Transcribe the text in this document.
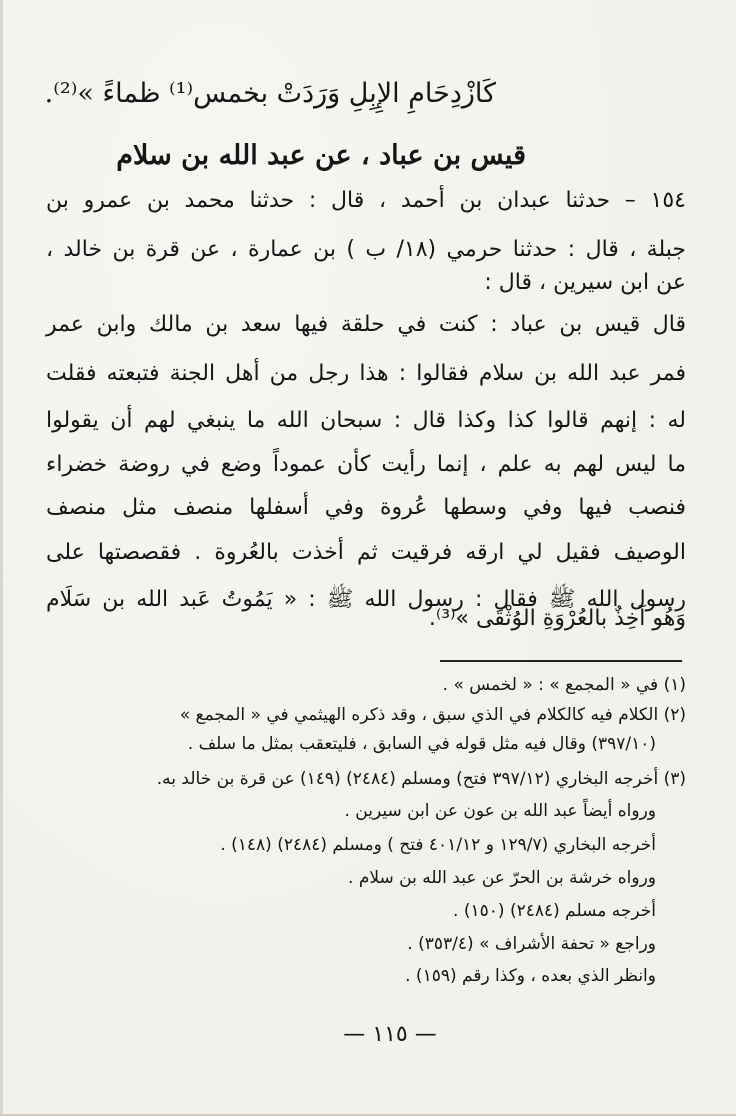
كَازْدِحَامِ الإِبِلِ وَرَدَتْ بخمس⁽¹⁾ ظماءً »⁽²⁾.
قيس بن عباد ، عن عبد الله بن سلام
١٥٤ – حدثنا عبدان بن أحمد ، قال : حدثنا محمد بن عمرو بن
جبلة ، قال : حدثنا حرمي (١٨/ ب ) بن عمارة ، عن قرة بن خالد ،
عن ابن سيرين ، قال :
قال قيس بن عباد : كنت في حلقة فيها سعد بن مالك وابن عمر
فمر عبد الله بن سلام فقالوا : هذا رجل من أهل الجنة فتبعته فقلت
له : إنهم قالوا كذا وكذا قال : سبحان الله ما ينبغي لهم أن يقولوا
ما ليس لهم به علم ، إنما رأيت كأن عموداً وضع في روضة خضراء
فنصب فيها وفي وسطها عُروة وفي أسفلها منصف مثل منصف
الوصيف فقيل لي ارقه فرقيت ثم أخذت بالعُروة . فقصصتها على
رسول الله ﷺ فقال : رسول الله ﷺ : « يَمُوتُ عَبد الله بن سَلَام
وَهُو آخِذٌ بالعُرْوَةِ الوُثْقَى »⁽³⁾.
(١) في « المجمع » : « لخمس » .
(٢) الكلام فيه كالكلام في الذي سبق ، وقد ذكره الهيثمي في « المجمع »
(٣٩٧/١٠) وقال فيه مثل قوله في السابق ، فليتعقب بمثل ما سلف .
(٣) أخرجه البخاري (٣٩٧/١٢ فتح) ومسلم (٢٤٨٤) (١٤٩) عن قرة بن خالد به.
ورواه أيضاً عبد الله بن عون عن ابن سيرين .
أخرجه البخاري (١٢٩/٧ و ٤٠١/١٢ فتح ) ومسلم (٢٤٨٤) (١٤٨) .
ورواه خرشة بن الحرّ عن عبد الله بن سلام .
أخرجه مسلم (٢٤٨٤) (١٥٠) .
وراجع « تحفة الأشراف » (٣٥٣/٤) .
وانظر الذي بعده ، وكذا رقم (١٥٩) .
— ١١٥ —
